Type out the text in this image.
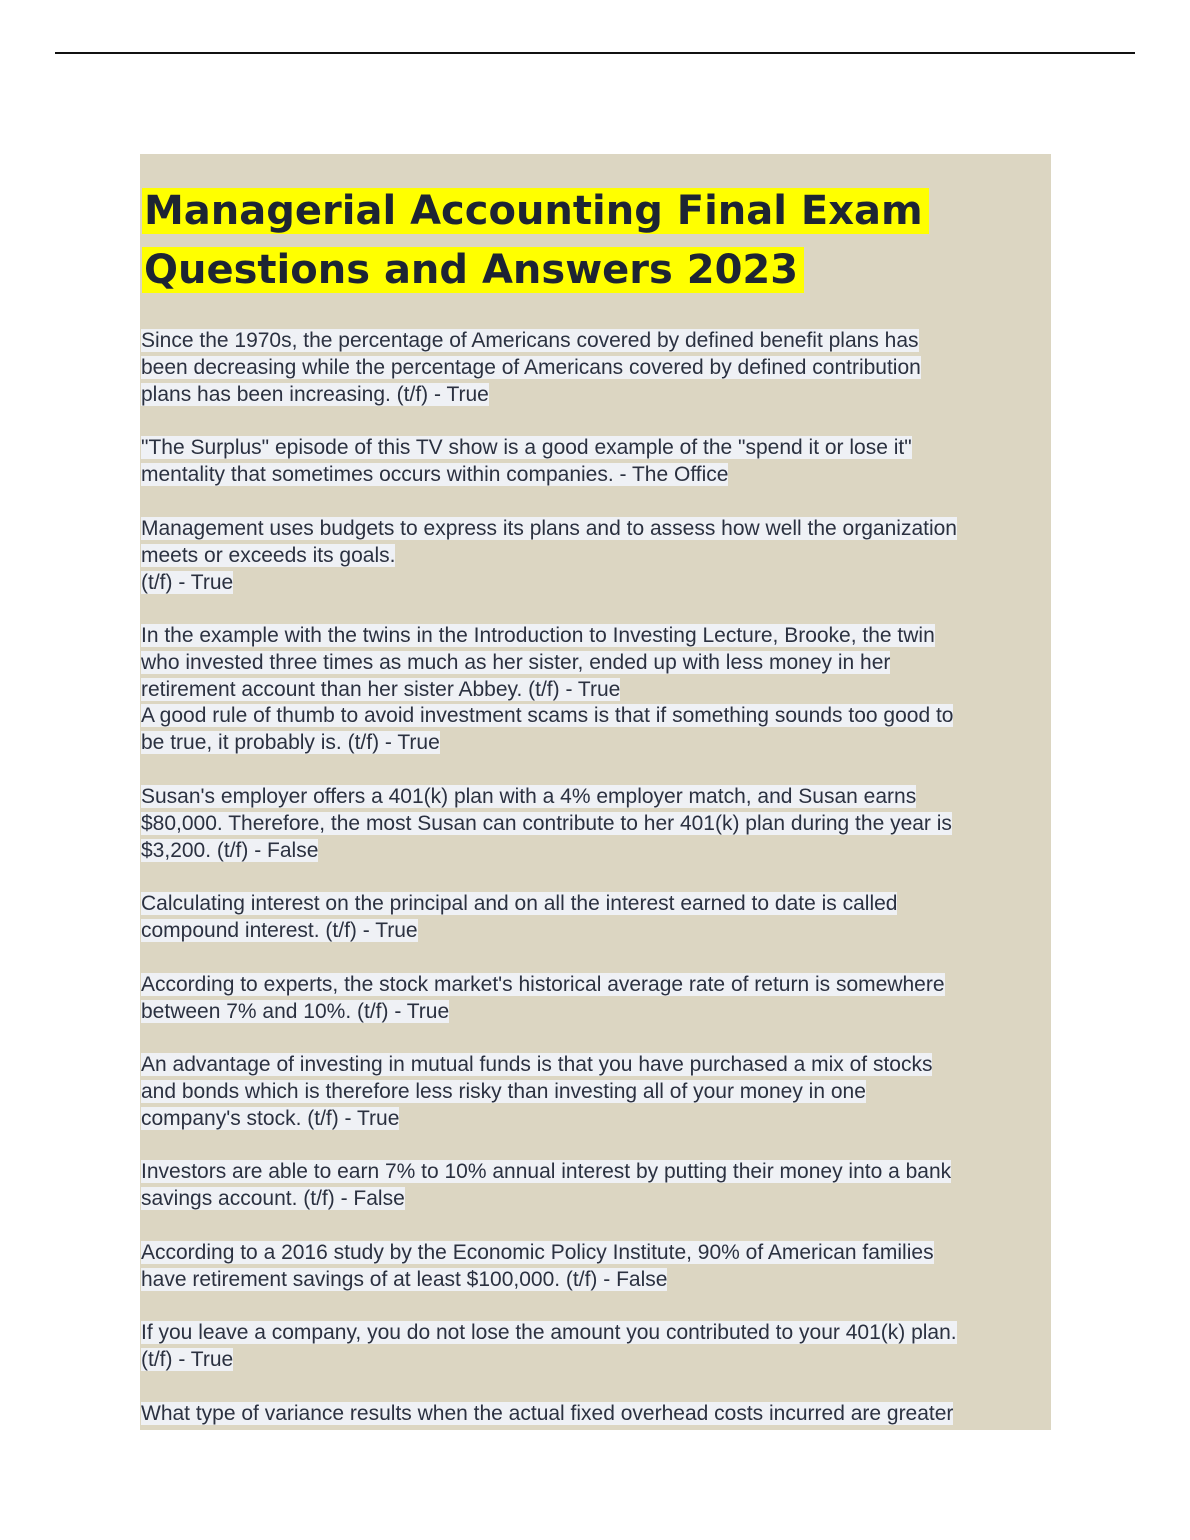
Managerial Accounting Final Exam
Questions and Answers 2023

Since the 1970s, the percentage of Americans covered by defined benefit plans has
been decreasing while the percentage of Americans covered by defined contribution
plans has been increasing. (t/f) - True

"The Surplus" episode of this TV show is a good example of the "spend it or lose it"
mentality that sometimes occurs within companies. - The Office

Management uses budgets to express its plans and to assess how well the organization
meets or exceeds its goals.
(t/f) - True

In the example with the twins in the Introduction to Investing Lecture, Brooke, the twin
who invested three times as much as her sister, ended up with less money in her
retirement account than her sister Abbey. (t/f) - True

A good rule of thumb to avoid investment scams is that if something sounds too good to
be true, it probably is. (t/f) - True

Susan's employer offers a 401(k) plan with a 4% employer match, and Susan earns
$80,000. Therefore, the most Susan can contribute to her 401(k) plan during the year is
$3,200. (t/f) - False

Calculating interest on the principal and on all the interest earned to date is called
compound interest. (t/f) - True

According to experts, the stock market's historical average rate of return is somewhere
between 7% and 10%. (t/f) - True

An advantage of investing in mutual funds is that you have purchased a mix of stocks
and bonds which is therefore less risky than investing all of your money in one
company's stock. (t/f) - True

Investors are able to earn 7% to 10% annual interest by putting their money into a bank
savings account. (t/f) - False

According to a 2016 study by the Economic Policy Institute, 90% of American families
have retirement savings of at least $100,000. (t/f) - False

If you leave a company, you do not lose the amount you contributed to your 401(k) plan.
(t/f) - True

What type of variance results when the actual fixed overhead costs incurred are greater
